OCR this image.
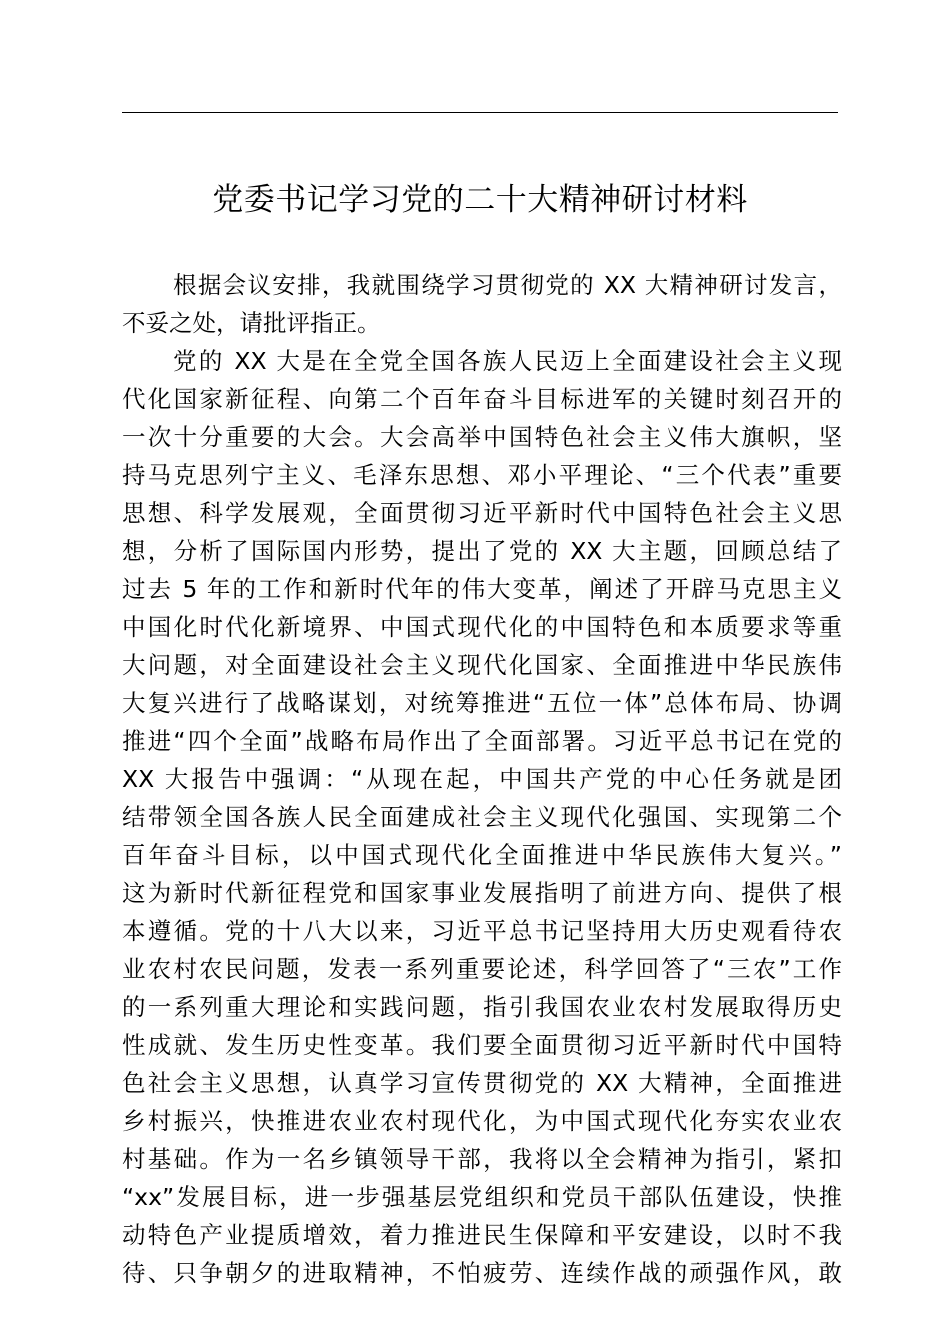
党委书记学习党的二十大精神研讨材料
根据会议安排，我就围绕学习贯彻党的 XX 大精神研讨发言，
不妥之处，请批评指正。
党的 XX 大是在全党全国各族人民迈上全面建设社会主义现
代化国家新征程、向第二个百年奋斗目标进军的关键时刻召开的
一次十分重要的大会。大会高举中国特色社会主义伟大旗帜，坚
持马克思列宁主义、毛泽东思想、邓小平理论、“三个代表”重要
思想、科学发展观，全面贯彻习近平新时代中国特色社会主义思
想，分析了国际国内形势，提出了党的 XX 大主题，回顾总结了
过去 5 年的工作和新时代年的伟大变革，阐述了开辟马克思主义
中国化时代化新境界、中国式现代化的中国特色和本质要求等重
大问题，对全面建设社会主义现代化国家、全面推进中华民族伟
大复兴进行了战略谋划，对统筹推进“五位一体”总体布局、协调
推进“四个全面”战略布局作出了全面部署。习近平总书记在党的
XX 大报告中强调：“从现在起，中国共产党的中心任务就是团
结带领全国各族人民全面建成社会主义现代化强国、实现第二个
百年奋斗目标，以中国式现代化全面推进中华民族伟大复兴。”
这为新时代新征程党和国家事业发展指明了前进方向、提供了根
本遵循。党的十八大以来，习近平总书记坚持用大历史观看待农
业农村农民问题，发表一系列重要论述，科学回答了“三农”工作
的一系列重大理论和实践问题，指引我国农业农村发展取得历史
性成就、发生历史性变革。我们要全面贯彻习近平新时代中国特
色社会主义思想，认真学习宣传贯彻党的 XX 大精神，全面推进
乡村振兴，快推进农业农村现代化，为中国式现代化夯实农业农
村基础。作为一名乡镇领导干部，我将以全会精神为指引，紧扣
“xx”发展目标，进一步强基层党组织和党员干部队伍建设，快推
动特色产业提质增效，着力推进民生保障和平安建设，以时不我
待、只争朝夕的进取精神，不怕疲劳、连续作战的顽强作风，敢
